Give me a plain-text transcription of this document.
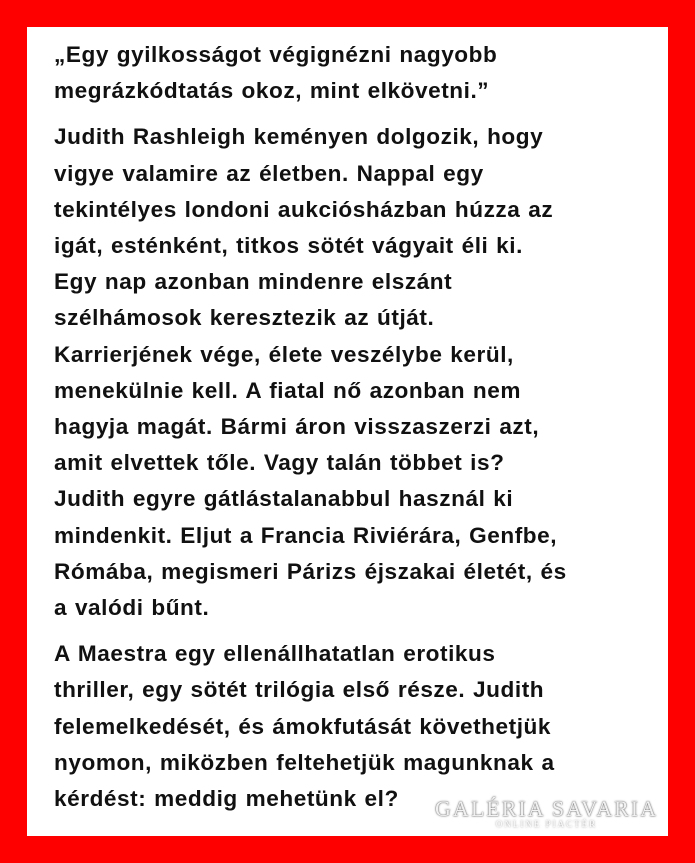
„Egy gyilkosságot végignézni nagyobb
megrázkódtatás okoz, mint elkövetni.”

Judith Rashleigh keményen dolgozik, hogy
vigye valamire az életben. Nappal egy
tekintélyes londoni aukciósházban húzza az
igát, esténként, titkos sötét vágyait éli ki.
Egy nap azonban mindenre elszánt
szélhámosok keresztezik az útját.
Karrierjének vége, élete veszélybe kerül,
menekülnie kell. A fiatal nő azonban nem
hagyja magát. Bármi áron visszaszerzi azt,
amit elvettek tőle. Vagy talán többet is?
Judith egyre gátlástalanabbul használ ki
mindenkit. Eljut a Francia Riviérára, Genfbe,
Rómába, megismeri Párizs éjszakai életét, és
a valódi bűnt.

A Maestra egy ellenállhatatlan erotikus
thriller, egy sötét trilógia első része. Judith
felemelkedését, és ámokfutását követhetjük
nyomon, miközben feltehetjük magunknak a
kérdést: meddig mehetünk el?	GALÉRIA SAVARIA
ONLINE PIACTÉR
